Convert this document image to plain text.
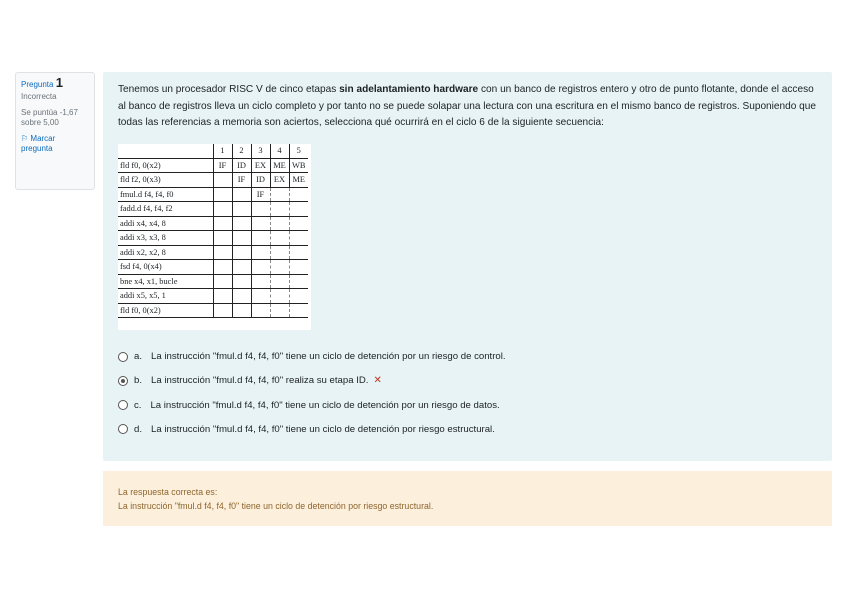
Pregunta 1
Incorrecta
Se puntúa -1,67 sobre 5,00
⚐ Marcar pregunta
Tenemos un procesador RISC V de cinco etapas sin adelantamiento hardware con un banco de registros entero y otro de punto flotante, donde el acceso al banco de registros lleva un ciclo completo y por tanto no se puede solapar una lectura con una escritura en el mismo banco de registros. Suponiendo que todas las referencias a memoria son aciertos, selecciona qué ocurrirá en el ciclo 6 de la siguiente secuencia:
	1	2	3	4	5
fld f0, 0(x2)	IF	ID	EX	ME	WB
fld f2, 0(x3)		IF	ID	EX	ME
fmul.d f4, f4, f0			IF		
fadd.d f4, f4, f2					
addi x4, x4, 8					
addi x3, x3, 8					
addi x2, x2, 8					
fsd f4, 0(x4)					
bne x4, x1, bucle					
addi x5, x5, 1					
fld f0, 0(x2)					
a. La instrucción "fmul.d f4, f4, f0" tiene un ciclo de detención por un riesgo de control.
b. La instrucción "fmul.d f4, f4, f0" realiza su etapa ID. ✕
c. La instrucción "fmul.d f4, f4, f0" tiene un ciclo de detención por un riesgo de datos.
d. La instrucción "fmul.d f4, f4, f0" tiene un ciclo de detención por riesgo estructural.
La respuesta correcta es:
La instrucción "fmul.d f4, f4, f0" tiene un ciclo de detención por riesgo estructural.
